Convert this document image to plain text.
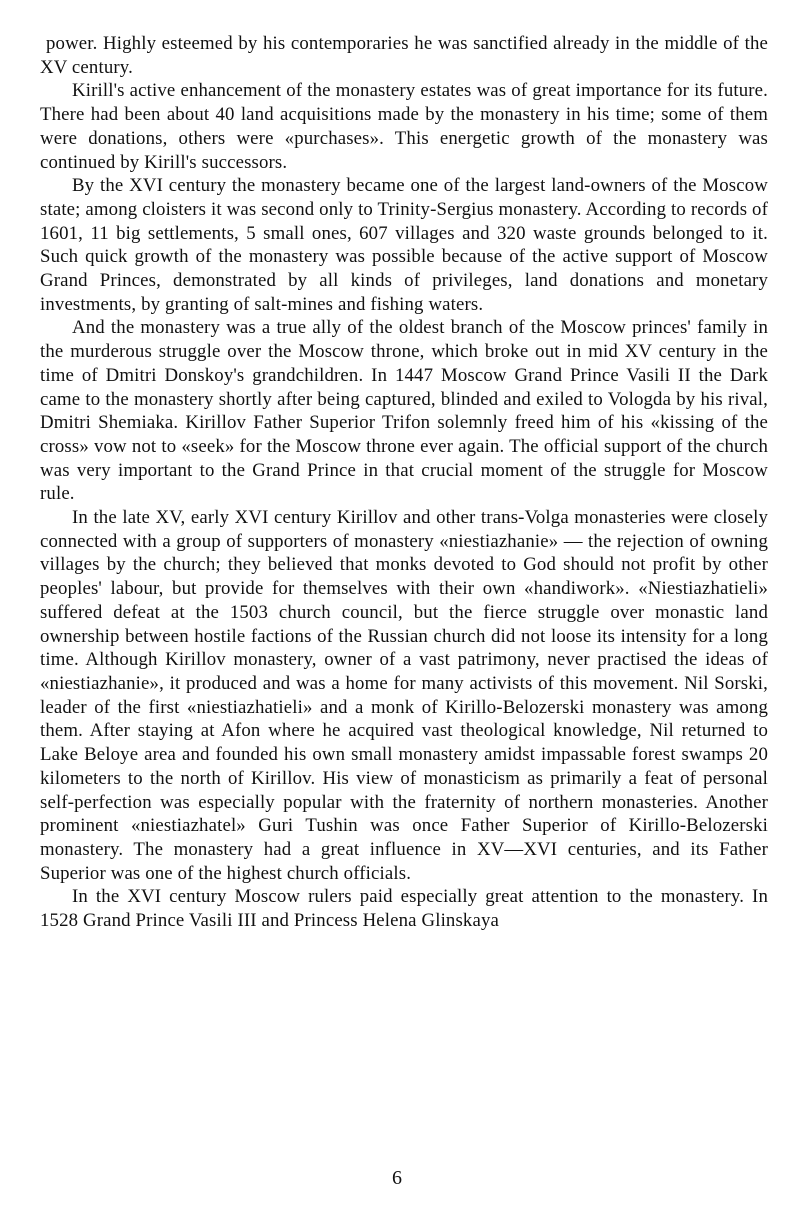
power. Highly esteemed by his contemporaries he was sanctified already in the middle of the XV century.

Kirill's active enhancement of the monastery estates was of great importance for its future. There had been about 40 land acquisitions made by the monastery in his time; some of them were donations, others were «purchases». This energetic growth of the monastery was continued by Kirill's successors.

By the XVI century the monastery became one of the largest land-owners of the Moscow state; among cloisters it was second only to Trinity-Sergius monastery. According to records of 1601, 11 big settlements, 5 small ones, 607 villages and 320 waste grounds belonged to it. Such quick growth of the monastery was possible because of the active support of Moscow Grand Princes, demonstrated by all kinds of privileges, land donations and monetary investments, by granting of salt-mines and fishing waters.

And the monastery was a true ally of the oldest branch of the Moscow princes' family in the murderous struggle over the Moscow throne, which broke out in mid XV century in the time of Dmitri Donskoy's grandchildren. In 1447 Moscow Grand Prince Vasili II the Dark came to the monastery shortly after being captured, blinded and exiled to Vologda by his rival, Dmitri Shemiaka. Kirillov Father Superior Trifon solemnly freed him of his «kissing of the cross» vow not to «seek» for the Moscow throne ever again. The official support of the church was very important to the Grand Prince in that crucial moment of the struggle for Moscow rule.

In the late XV, early XVI century Kirillov and other trans-Volga monasteries were closely connected with a group of supporters of monastery «niestiazhanie» — the rejection of owning villages by the church; they believed that monks devoted to God should not profit by other peoples' labour, but provide for themselves with their own «handiwork». «Niestiazhatieli» suffered defeat at the 1503 church council, but the fierce struggle over monastic land ownership between hostile factions of the Russian church did not loose its intensity for a long time. Although Kirillov monastery, owner of a vast patrimony, never practised the ideas of «niestiazhanie», it produced and was a home for many activists of this movement. Nil Sorski, leader of the first «niestiazhatieli» and a monk of Kirillo-Belozerski monastery was among them. After staying at Afon where he acquired vast theological knowledge, Nil returned to Lake Beloye area and founded his own small monastery amidst impassable forest swamps 20 kilometers to the north of Kirillov. His view of monasticism as primarily a feat of personal self-perfection was especially popular with the fraternity of northern monasteries. Another prominent «niestiazhatel» Guri Tushin was once Father Superior of Kirillo-Belozerski monastery. The monastery had a great influence in XV—XVI centuries, and its Father Superior was one of the highest church officials.

In the XVI century Moscow rulers paid especially great attention to the monastery. In 1528 Grand Prince Vasili III and Princess Helena Glinskaya

6
